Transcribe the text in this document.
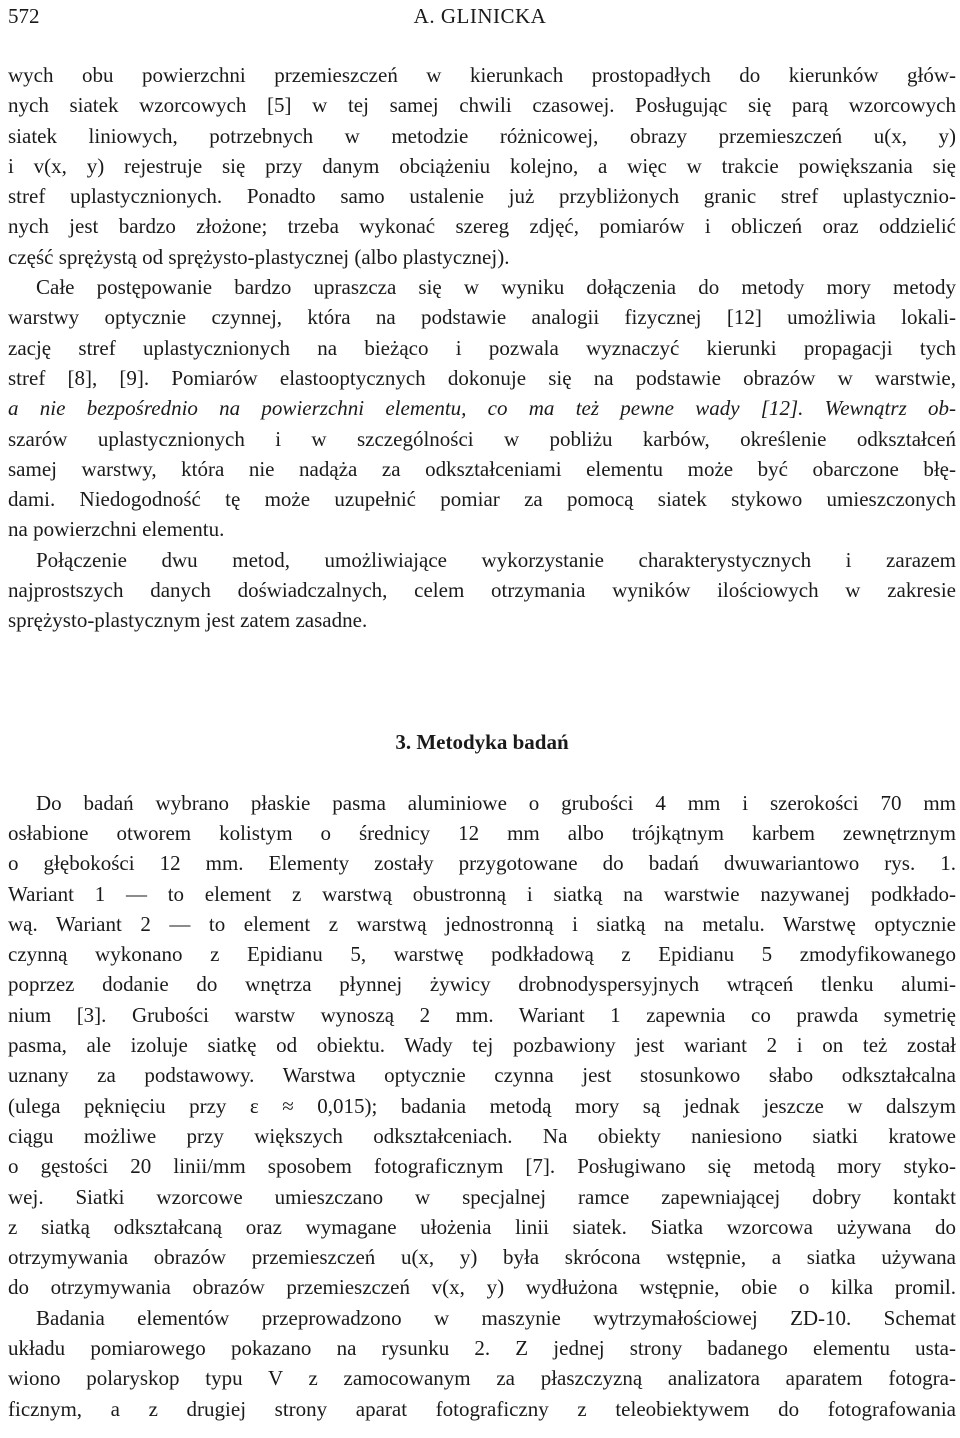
572	A. GLINICKA
wych obu powierzchni przemieszczeń w kierunkach prostopadłych do kierunków głów-
nych siatek wzorcowych [5] w tej samej chwili czasowej. Posługując się parą wzorcowych
siatek liniowych, potrzebnych w metodzie różnicowej, obrazy przemieszczeń u(x, y)
i v(x, y) rejestruje się przy danym obciążeniu kolejno, a więc w trakcie powiększania się
stref uplastycznionych. Ponadto samo ustalenie już przybliżonych granic stref uplastycznio-
nych jest bardzo złożone; trzeba wykonać szereg zdjęć, pomiarów i obliczeń oraz oddzielić
część sprężystą od sprężysto-plastycznej (albo plastycznej).
Całe postępowanie bardzo upraszcza się w wyniku dołączenia do metody mory metody
warstwy optycznie czynnej, która na podstawie analogii fizycznej [12] umożliwia lokali-
zację stref uplastycznionych na bieżąco i pozwala wyznaczyć kierunki propagacji tych
stref [8], [9]. Pomiarów elastooptycznych dokonuje się na podstawie obrazów w warstwie,
a nie bezpośrednio na powierzchni elementu, co ma też pewne wady [12]. Wewnątrz ob-
szarów uplastycznionych i w szczególności w pobliżu karbów, określenie odkształceń
samej warstwy, która nie nadąża za odkształceniami elementu może być obarczone błę-
dami. Niedogodność tę może uzupełnić pomiar za pomocą siatek stykowo umieszczonych
na powierzchni elementu.
Połączenie dwu metod, umożliwiające wykorzystanie charakterystycznych i zarazem
najprostszych danych doświadczalnych, celem otrzymania wyników ilościowych w zakresie
sprężysto-plastycznym jest zatem zasadne.
3. Metodyka badań
Do badań wybrano płaskie pasma aluminiowe o grubości 4 mm i szerokości 70 mm
osłabione otworem kolistym o średnicy 12 mm albo trójkątnym karbem zewnętrznym
o głębokości 12 mm. Elementy zostały przygotowane do badań dwuwariantowo rys. 1.
Wariant 1 — to element z warstwą obustronną i siatką na warstwie nazywanej podkłado-
wą. Wariant 2 — to element z warstwą jednostronną i siatką na metalu. Warstwę optycznie
czynną wykonano z Epidianu 5, warstwę podkładową z Epidianu 5 zmodyfikowanego
poprzez dodanie do wnętrza płynnej żywicy drobnodyspersyjnych wtrąceń tlenku alumi-
nium [3]. Grubości warstw wynoszą 2 mm. Wariant 1 zapewnia co prawda symetrię
pasma, ale izoluje siatkę od obiektu. Wady tej pozbawiony jest wariant 2 i on też został
uznany za podstawowy. Warstwa optycznie czynna jest stosunkowo słabo odkształcalna
(ulega pęknięciu przy ε ≈ 0,015); badania metodą mory są jednak jeszcze w dalszym
ciągu możliwe przy większych odkształceniach. Na obiekty naniesiono siatki kratowe
o gęstości 20 linii/mm sposobem fotograficznym [7]. Posługiwano się metodą mory styko-
wej. Siatki wzorcowe umieszczano w specjalnej ramce zapewniającej dobry kontakt
z siatką odkształcaną oraz wymagane ułożenia linii siatek. Siatka wzorcowa używana do
otrzymywania obrazów przemieszczeń u(x, y) była skrócona wstępnie, a siatka używana
do otrzymywania obrazów przemieszczeń v(x, y) wydłużona wstępnie, obie o kilka promil.
Badania elementów przeprowadzono w maszynie wytrzymałościowej ZD-10. Schemat
układu pomiarowego pokazano na rysunku 2. Z jednej strony badanego elementu usta-
wiono polaryskop typu V z zamocowanym za płaszczyzną analizatora aparatem fotogra-
ficznym, a z drugiej strony aparat fotograficzny z teleobiektywem do fotografowania
